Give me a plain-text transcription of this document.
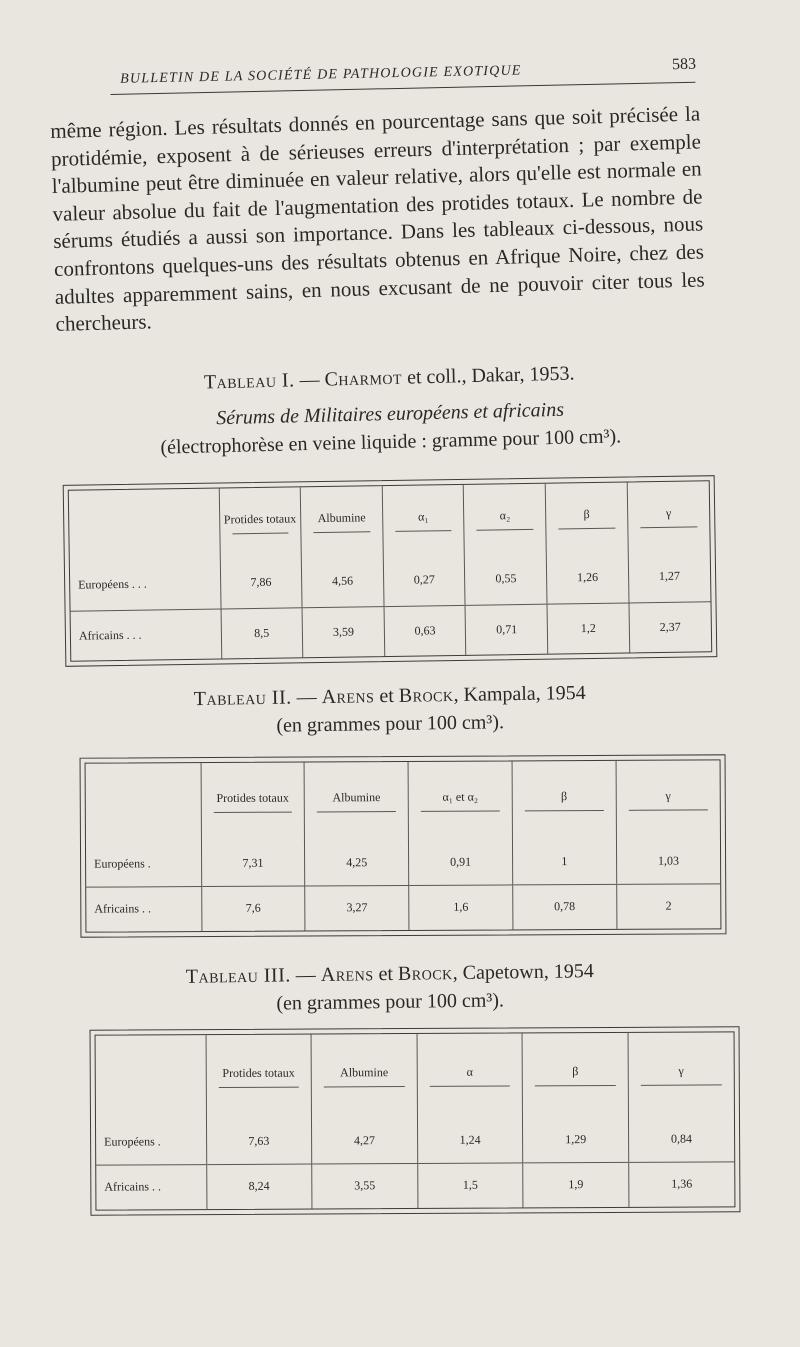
BULLETIN DE LA SOCIÉTÉ DE PATHOLOGIE EXOTIQUE	583
même région. Les résultats donnés en pourcentage sans que soit précisée la protidémie, exposent à de sérieuses erreurs d'interprétation ; par exemple l'albumine peut être diminuée en valeur relative, alors qu'elle est normale en valeur absolue du fait de l'augmentation des protides totaux. Le nombre de sérums étudiés a aussi son importance. Dans les tableaux ci-dessous, nous confrontons quelques-uns des résultats obtenus en Afrique Noire, chez des adultes apparemment sains, en nous excusant de ne pouvoir citer tous les chercheurs.
Tableau I. — Charmot et coll., Dakar, 1953.
Sérums de Militaires européens et africains
(électrophorèse en veine liquide : gramme pour 100 cm³).
	Protides totaux	Albumine	α₁	α₂	β	γ

Européens . . .	7,86	4,56	0,27	0,55	1,26	1,27
Africains . . .	8,5	3,59	0,63	0,71	1,2	2,37
Tableau II. — Arens et Brock, Kampala, 1954
(en grammes pour 100 cm³).
	Protides totaux	Albumine	α₁ et α₂	β	γ

Européens .	7,31	4,25	0,91	1	1,03
Africains . .	7,6	3,27	1,6	0,78	2
Tableau III. — Arens et Brock, Capetown, 1954
(en grammes pour 100 cm³).
	Protides totaux	Albumine	α	β	γ

Européens .	7,63	4,27	1,24	1,29	0,84
Africains . .	8,24	3,55	1,5	1,9	1,36
